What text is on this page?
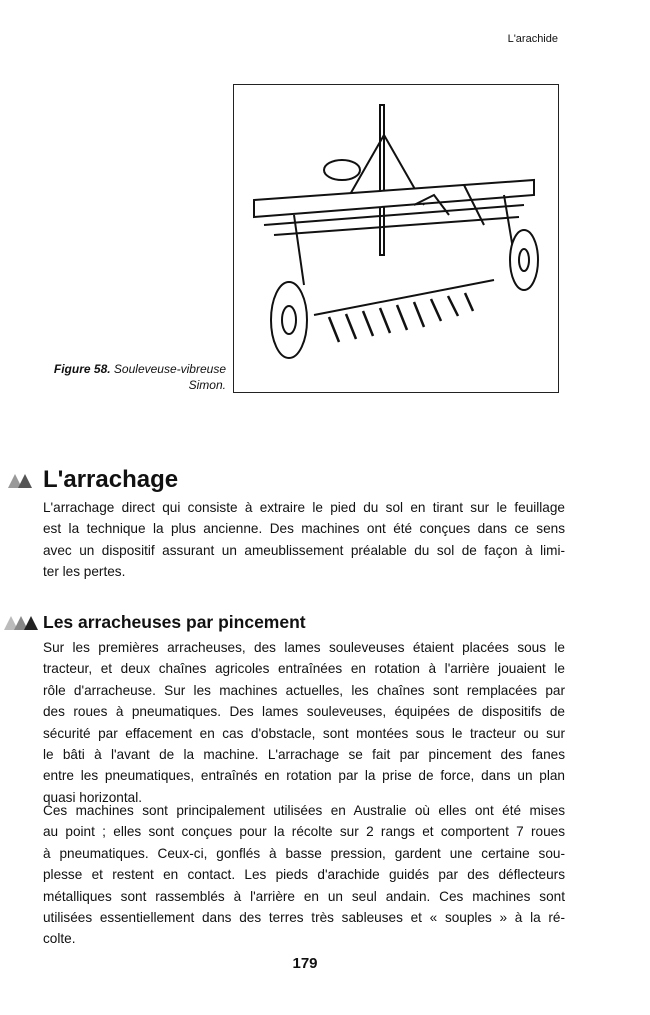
L'arachide
Figure 58. Souleveuse-vibreuse
Simon.
L'arrachage
L'arrachage direct qui consiste à extraire le pied du sol en tirant sur le feuillage
est la technique la plus ancienne. Des machines ont été conçues dans ce sens
avec un dispositif assurant un ameublissement préalable du sol de façon à limi-
ter les pertes.
Les arracheuses par pincement
Sur les premières arracheuses, des lames souleveuses étaient placées sous le
tracteur, et deux chaînes agricoles entraînées en rotation à l'arrière jouaient le
rôle d'arracheuse. Sur les machines actuelles, les chaînes sont remplacées par
des roues à pneumatiques. Des lames souleveuses, équipées de dispositifs de
sécurité par effacement en cas d'obstacle, sont montées sous le tracteur ou sur
le bâti à l'avant de la machine. L'arrachage se fait par pincement des fanes
entre les pneumatiques, entraînés en rotation par la prise de force, dans un plan
quasi horizontal.
Ces machines sont principalement utilisées en Australie où elles ont été mises
au point ; elles sont conçues pour la récolte sur 2 rangs et comportent 7 roues
à pneumatiques. Ceux-ci, gonflés à basse pression, gardent une certaine sou-
plesse et restent en contact. Les pieds d'arachide guidés par des déflecteurs
métalliques sont rassemblés à l'arrière en un seul andain. Ces machines sont
utilisées essentiellement dans des terres très sableuses et « souples » à la ré-
colte.
179
